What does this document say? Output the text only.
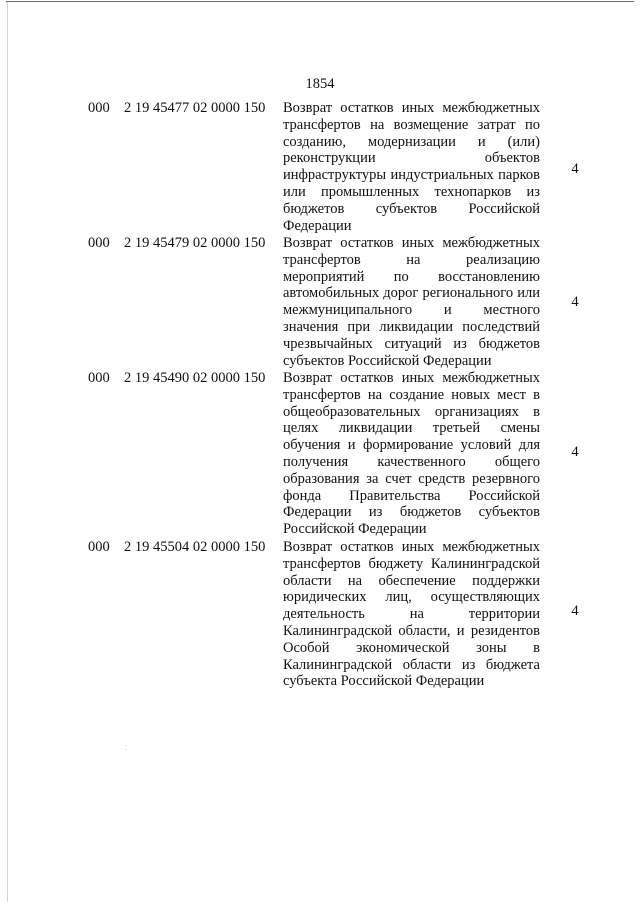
1854
000 2 19 45477 02 0000 150 Возврат остатков иных межбюджетных трансфертов на возмещение затрат по созданию, модернизации и (или) реконструкции объектов инфраструктуры индустриальных парков или промышленных технопарков из бюджетов субъектов Российской Федерации
4
000 2 19 45479 02 0000 150 Возврат остатков иных межбюджетных трансфертов на реализацию мероприятий по восстановлению автомобильных дорог регионального или межмуниципального и местного значения при ликвидации последствий чрезвычайных ситуаций из бюджетов субъектов Российской Федерации
4
000 2 19 45490 02 0000 150 Возврат остатков иных межбюджетных трансфертов на создание новых мест в общеобразовательных организациях в целях ликвидации третьей смены обучения и формирование условий для получения качественного общего образования за счет средств резервного фонда Правительства Российской Федерации из бюджетов субъектов Российской Федерации
4
000 2 19 45504 02 0000 150 Возврат остатков иных межбюджетных трансфертов бюджету Калининградской области на обеспечение поддержки юридических лиц, осуществляющих деятельность на территории Калининградской области, и резидентов Особой экономической зоны в Калининградской области из бюджета субъекта Российской Федерации
4
